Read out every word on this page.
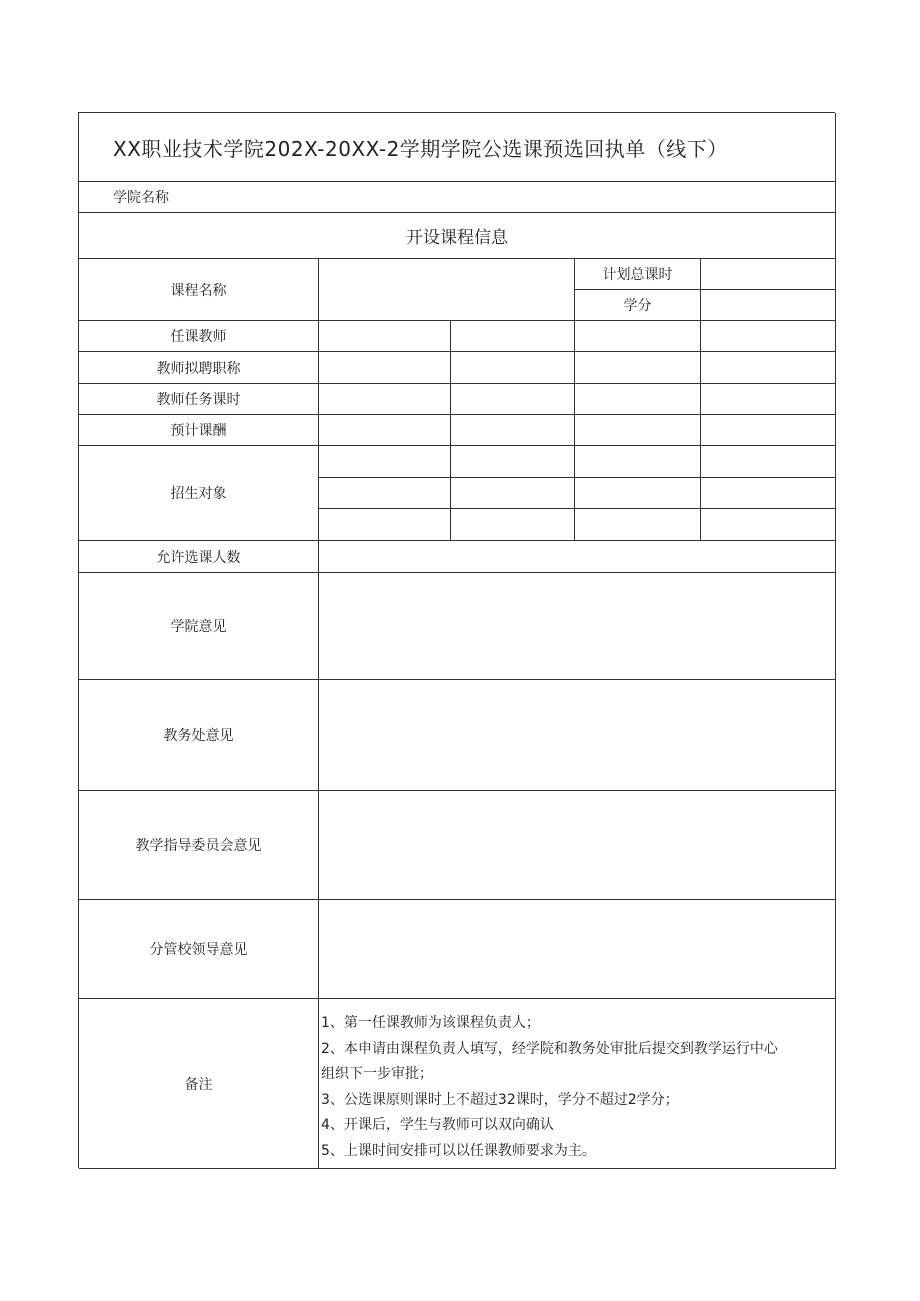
XX职业技术学院202X-20XX-2学期学院公选课预选回执单（线下）
学院名称
开设课程信息
课程名称
计划总课时
学分
任课教师
教师拟聘职称
教师任务课时
预计课酬
招生对象
允许选课人数
学院意见
教务处意见
教学指导委员会意见
分管校领导意见
备注
1、第一任课教师为该课程负责人；
2、本申请由课程负责人填写，经学院和教务处审批后提交到教学运行中心
组织下一步审批；
3、公选课原则课时上不超过32课时，学分不超过2学分；
4、开课后，学生与教师可以双向确认
5、上课时间安排可以以任课教师要求为主。
